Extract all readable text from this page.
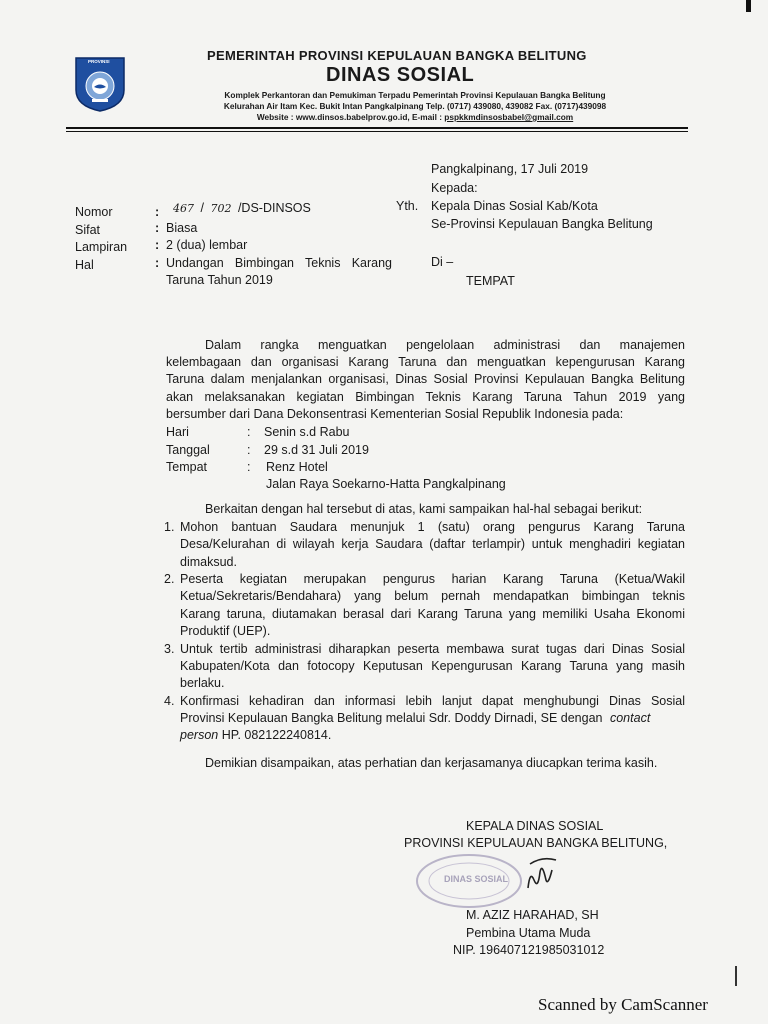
PROVINSI	PEMERINTAH PROVINSI KEPULAUAN BANGKA BELITUNG
DINAS SOSIAL
Komplek Perkantoran dan Pemukiman Terpadu Pemerintah Provinsi Kepulauan Bangka Belitung
Kelurahan Air Itam Kec. Bukit Intan Pangkalpinang Telp. (0717) 439080, 439082 Fax. (0717)439098
Website : www.dinsos.babelprov.go.id, E-mail : pspkkmdinsosbabel@gmail.com
Pangkalpinang, 17 Juli 2019
Kepada:
Yth. Kepala Dinas Sosial Kab/Kota
Se-Provinsi Kepulauan Bangka Belitung
Di –
TEMPAT
Nomor	: 467 / 702 /DS-DINSOS
Sifat	: Biasa
Lampiran : 2 (dua) lembar
Hal	: Undangan Bimbingan Teknis Karang
Taruna Tahun 2019
Dalam rangka menguatkan pengelolaan administrasi dan manajemen
kelembagaan dan organisasi Karang Taruna dan menguatkan kepengurusan Karang
Taruna dalam menjalankan organisasi, Dinas Sosial Provinsi Kepulauan Bangka Belitung
akan melaksanakan kegiatan Bimbingan Teknis Karang Taruna Tahun 2019 yang
bersumber dari Dana Dekonsentrasi Kementerian Sosial Republik Indonesia pada:
Hari	: Senin s.d Rabu
Tanggal	: 29 s.d 31 Juli 2019
Tempat	: Renz Hotel
Jalan Raya Soekarno-Hatta Pangkalpinang
Berkaitan dengan hal tersebut di atas, kami sampaikan hal-hal sebagai berikut:
1. Mohon bantuan Saudara menunjuk 1 (satu) orang pengurus Karang Taruna
Desa/Kelurahan di wilayah kerja Saudara (daftar terlampir) untuk menghadiri kegiatan
dimaksud.
2. Peserta kegiatan merupakan pengurus harian Karang Taruna (Ketua/Wakil
Ketua/Sekretaris/Bendahara) yang belum pernah mendapatkan bimbingan teknis
Karang taruna, diutamakan berasal dari Karang Taruna yang memiliki Usaha Ekonomi
Produktif (UEP).
3. Untuk tertib administrasi diharapkan peserta membawa surat tugas dari Dinas Sosial
Kabupaten/Kota dan fotocopy Keputusan Kepengurusan Karang Taruna yang masih
berlaku.
4. Konfirmasi kehadiran dan informasi lebih lanjut dapat menghubungi Dinas Sosial
Provinsi Kepulauan Bangka Belitung melalui Sdr. Doddy Dirnadi, SE dengan contact
person HP. 082122240814.
Demikian disampaikan, atas perhatian dan kerjasamanya diucapkan terima kasih.
KEPALA DINAS SOSIAL
PROVINSI KEPULAUAN BANGKA BELITUNG,
DINAS SOSIAL
M. AZIZ HARAHAD, SH
Pembina Utama Muda
NIP. 196407121985031012
Scanned by CamScanner
